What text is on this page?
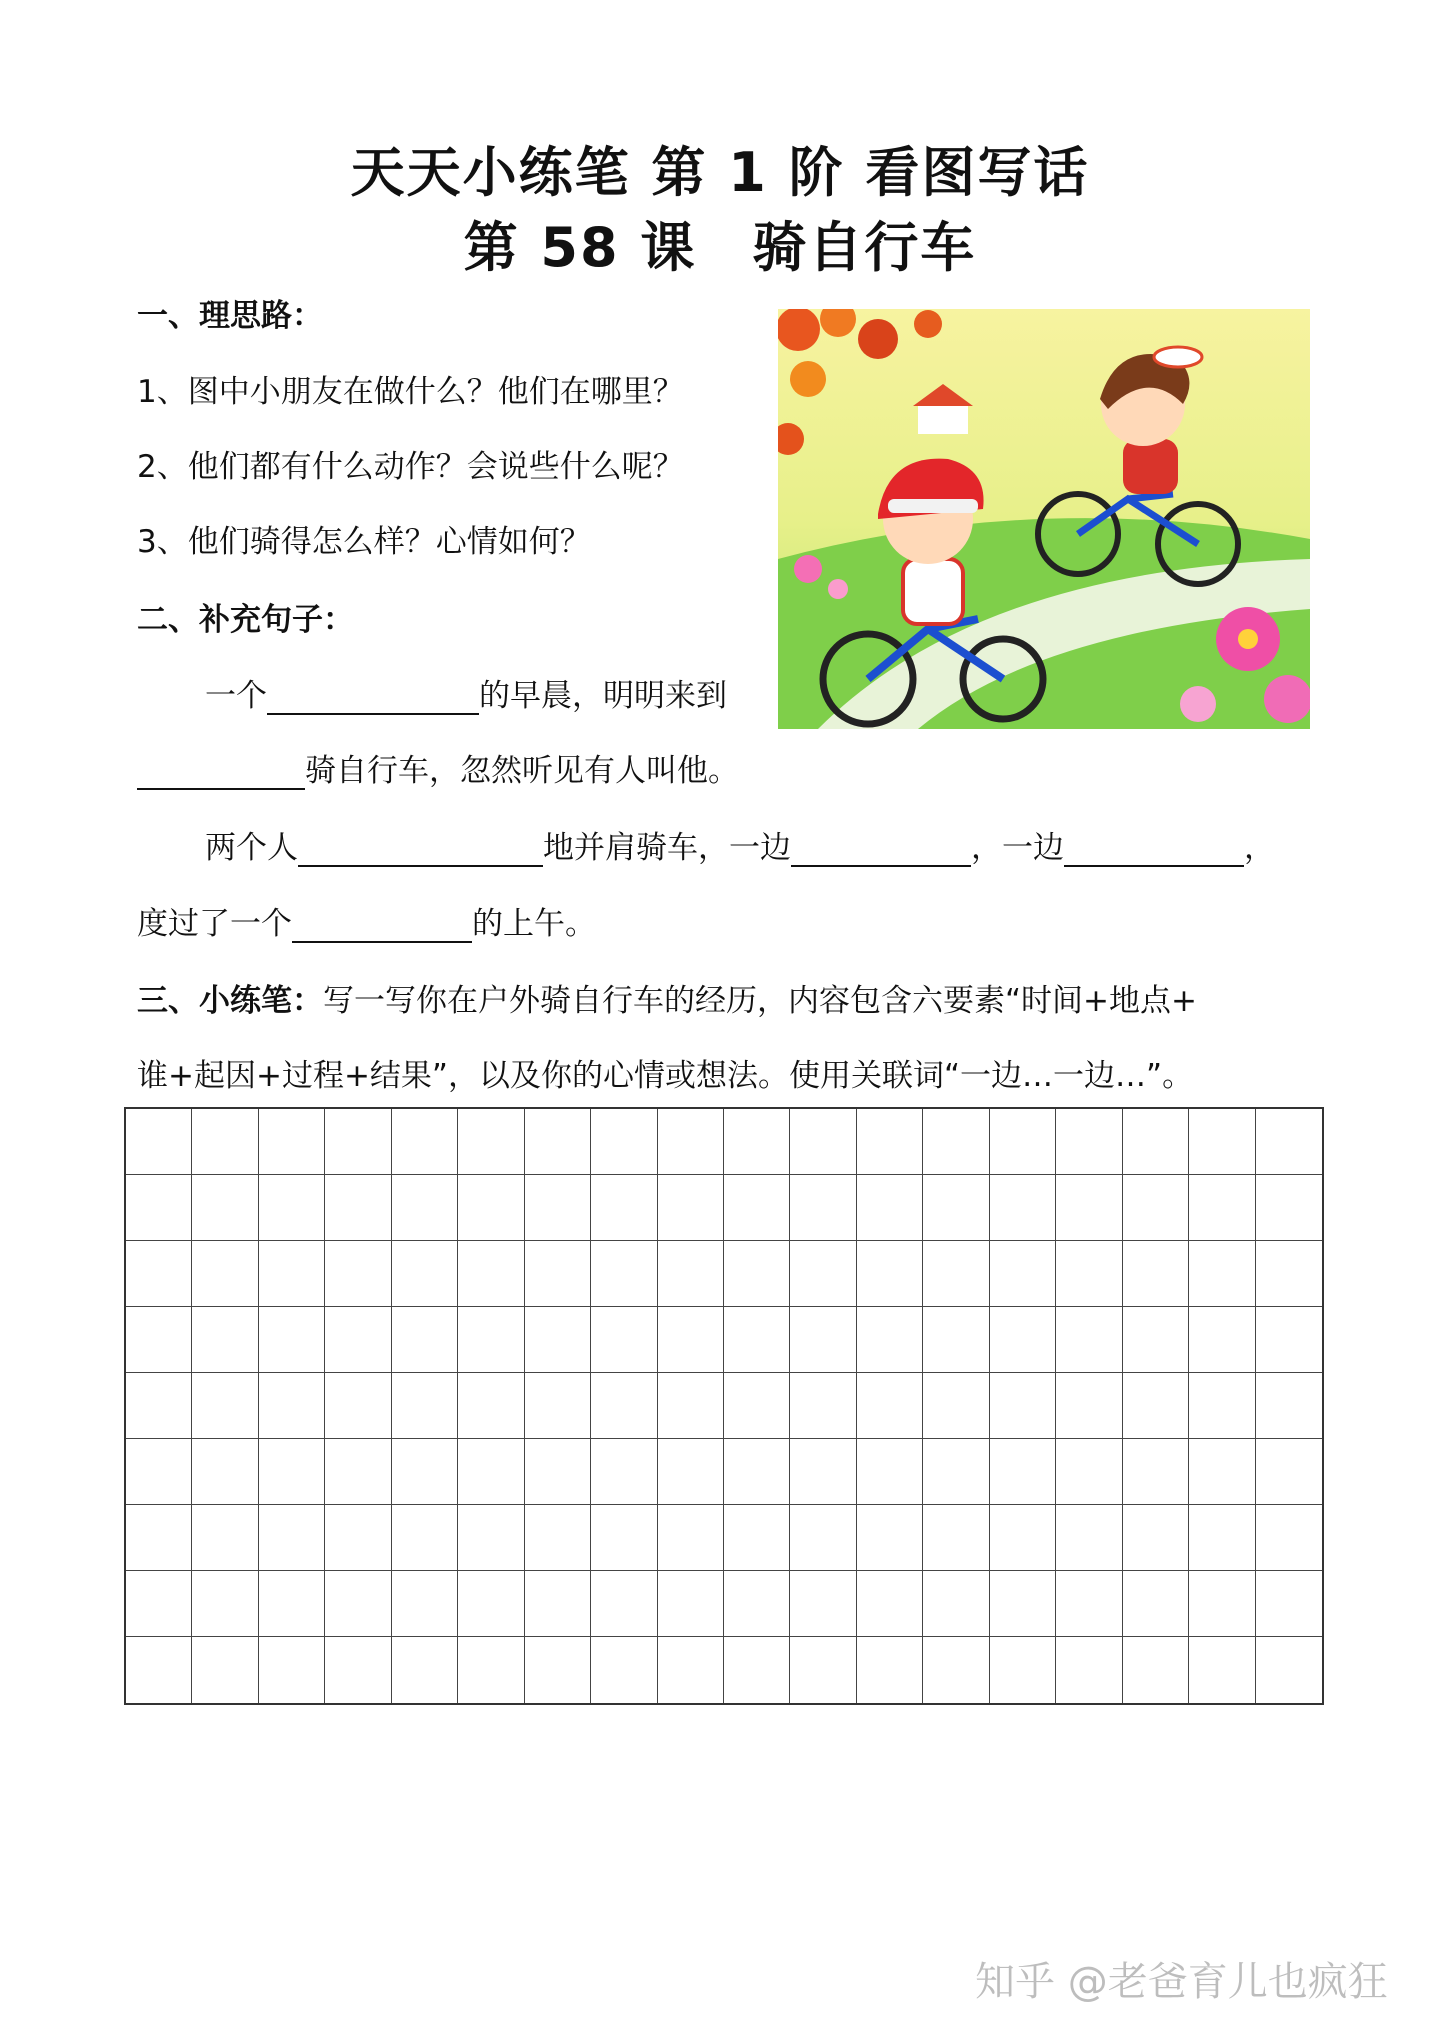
天天小练笔 第 1 阶 看图写话
第 58 课　骑自行车
一、理思路：
1、图中小朋友在做什么？他们在哪里？
2、他们都有什么动作？会说些什么呢？
3、他们骑得怎么样？心情如何？
二、补充句子：
一个	的早晨，明明来到
骑自行车，忽然听见有人叫他。
两个人	地并肩骑车，一边	，一边	，
度过了一个	的上午。
三、小练笔：写一写你在户外骑自行车的经历，内容包含六要素“时间+地点+
谁+起因+过程+结果”，以及你的心情或想法。使用关联词“一边…一边…”。
知乎 @老爸育儿也疯狂
